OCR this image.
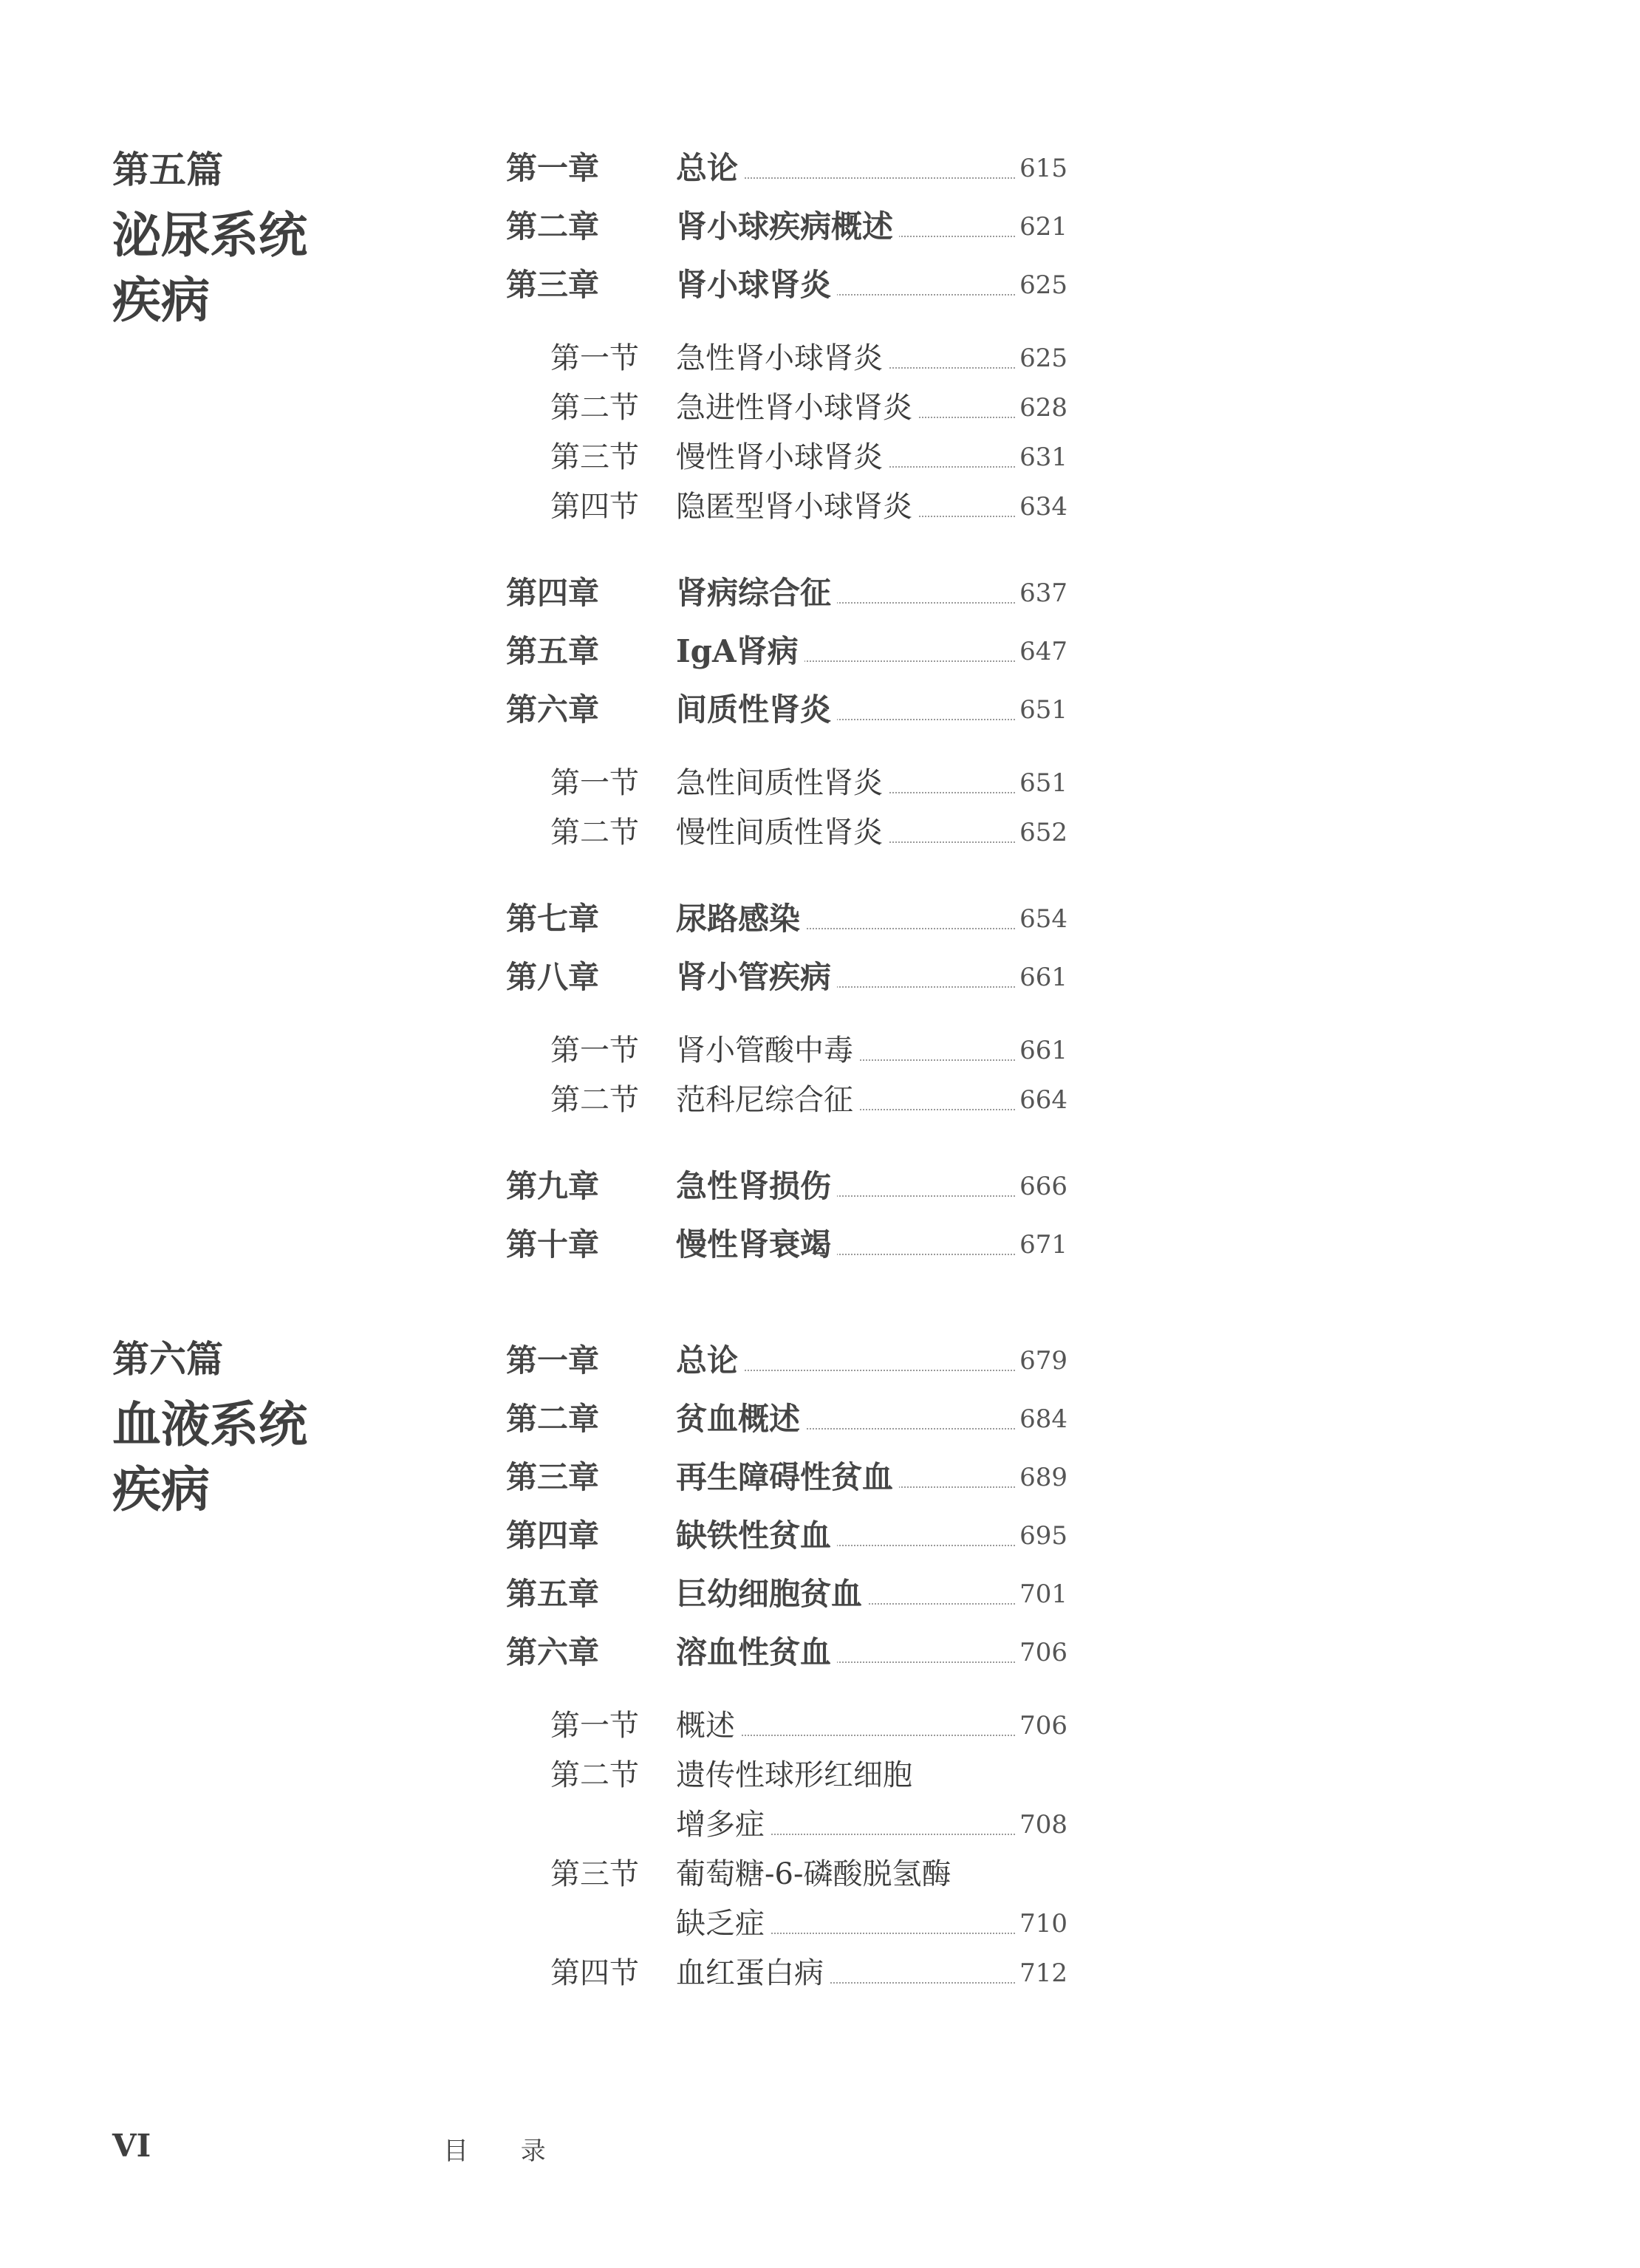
第五篇
泌尿系统
疾病
第六篇
血液系统
疾病
第一章 总论	615
第二章 肾小球疾病概述	621
第三章 肾小球肾炎	625
第一节 急性肾小球肾炎	625
第二节 急进性肾小球肾炎	628
第三节 慢性肾小球肾炎	631
第四节 隐匿型肾小球肾炎	634
第四章 肾病综合征	637
第五章 IgA肾病	647
第六章 间质性肾炎	651
第一节 急性间质性肾炎	651
第二节 慢性间质性肾炎	652
第七章 尿路感染	654
第八章 肾小管疾病	661
第一节 肾小管酸中毒	661
第二节 范科尼综合征	664
第九章 急性肾损伤	666
第十章 慢性肾衰竭	671
第一章 总论	679
第二章 贫血概述	684
第三章 再生障碍性贫血	689
第四章 缺铁性贫血	695
第五章 巨幼细胞贫血	701
第六章 溶血性贫血	706
第一节 概述	706
第二节 遗传性球形红细胞
增多症	708
第三节 葡萄糖-6-磷酸脱氢酶
缺乏症	710
第四节 血红蛋白病	712
VI	目 录
